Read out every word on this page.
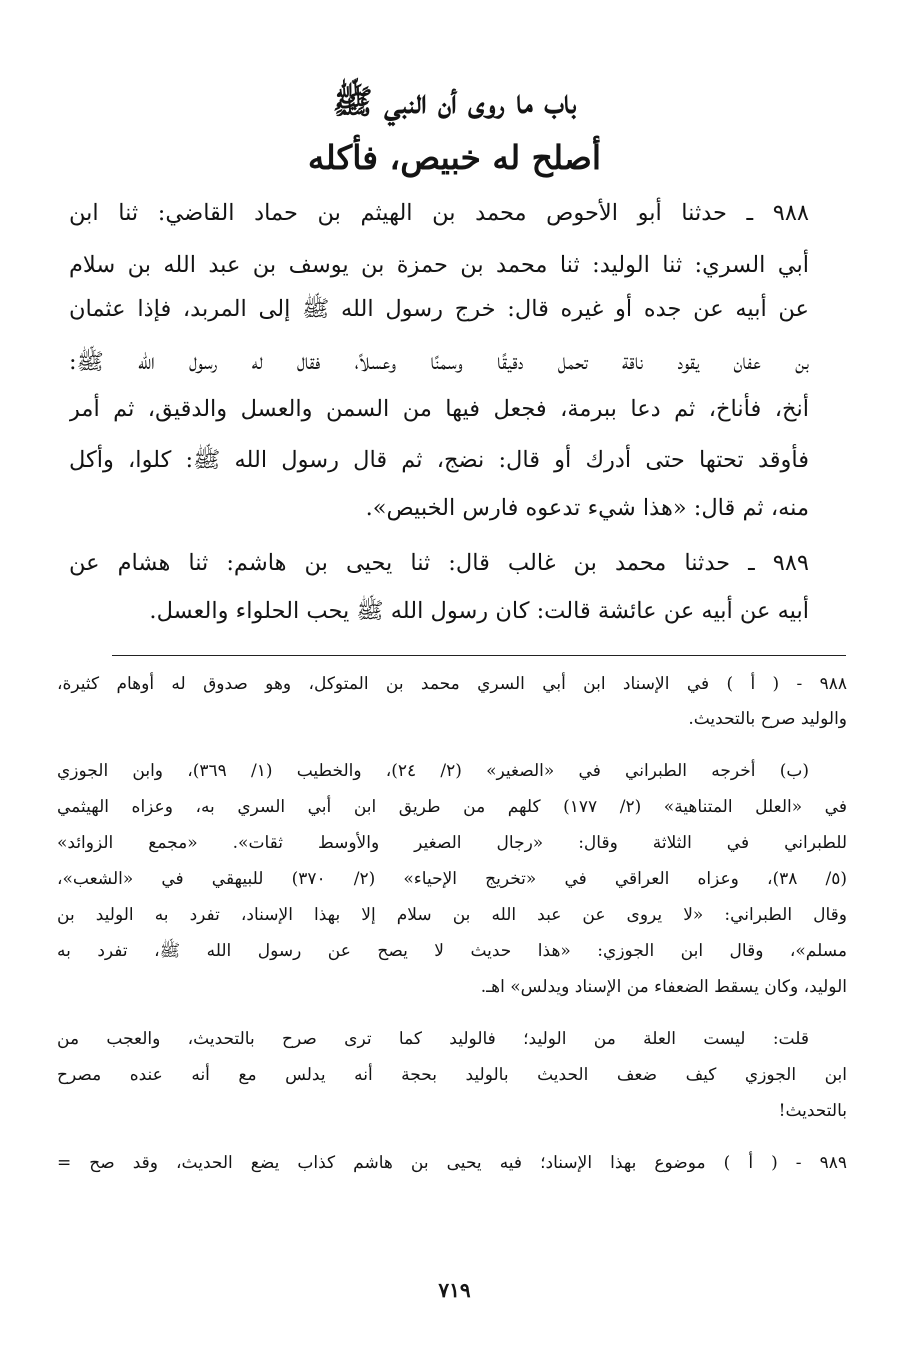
باب ما روى أن النبي ﷺ
أصلح له خبيص، فأكله
٩٨٨ ـ حدثنا أبو الأحوص محمد بن الهيثم بن حماد القاضي: ثنا ابن
أبي السري: ثنا الوليد: ثنا محمد بن حمزة بن يوسف بن عبد الله بن سلام
عن أبيه عن جده أو غيره قال: خرج رسول الله ﷺ إلى المربد، فإذا عثمان
بن عفان يقود ناقة تحمل دقيقًا وسمنًا وعسلاً، فقال له رسول الله ﷺ:
أنخ، فأناخ، ثم دعا ببرمة، فجعل فيها من السمن والعسل والدقيق، ثم أمر
فأوقد تحتها حتى أدرك أو قال: نضج، ثم قال رسول الله ﷺ: كلوا، وأكل
منه، ثم قال: «هذا شيء تدعوه فارس الخبيص».
٩٨٩ ـ حدثنا محمد بن غالب قال: ثنا يحيى بن هاشم: ثنا هشام عن
أبيه عن أبيه عن عائشة قالت: كان رسول الله ﷺ يحب الحلواء والعسل.
٩٨٨ - ( أ ) في الإسناد ابن أبي السري محمد بن المتوكل، وهو صدوق له أوهام كثيرة،
والوليد صرح بالتحديث.
(ب) أخرجه الطبراني في «الصغير» (٢/ ٢٤)، والخطيب (١/ ٣٦٩)، وابن الجوزي
في «العلل المتناهية» (٢/ ١٧٧) كلهم من طريق ابن أبي السري به، وعزاه الهيثمي
للطبراني في الثلاثة وقال: «رجال الصغير والأوسط ثقات». «مجمع الزوائد»
(٥/ ٣٨)، وعزاه العراقي في «تخريج الإحياء» (٢/ ٣٧٠) للبيهقي في «الشعب»،
وقال الطبراني: «لا يروى عن عبد الله بن سلام إلا بهذا الإسناد، تفرد به الوليد بن
مسلم»، وقال ابن الجوزي: «هذا حديث لا يصح عن رسول الله ﷺ، تفرد به
الوليد، وكان يسقط الضعفاء من الإسناد ويدلس» اهـ.
قلت: ليست العلة من الوليد؛ فالوليد كما ترى صرح بالتحديث، والعجب من
ابن الجوزي كيف ضعف الحديث بالوليد بحجة أنه يدلس مع أنه عنده مصرح
بالتحديث!
٩٨٩ - ( أ ) موضوع بهذا الإسناد؛ فيه يحيى بن هاشم كذاب يضع الحديث، وقد صح =
٧١٩
